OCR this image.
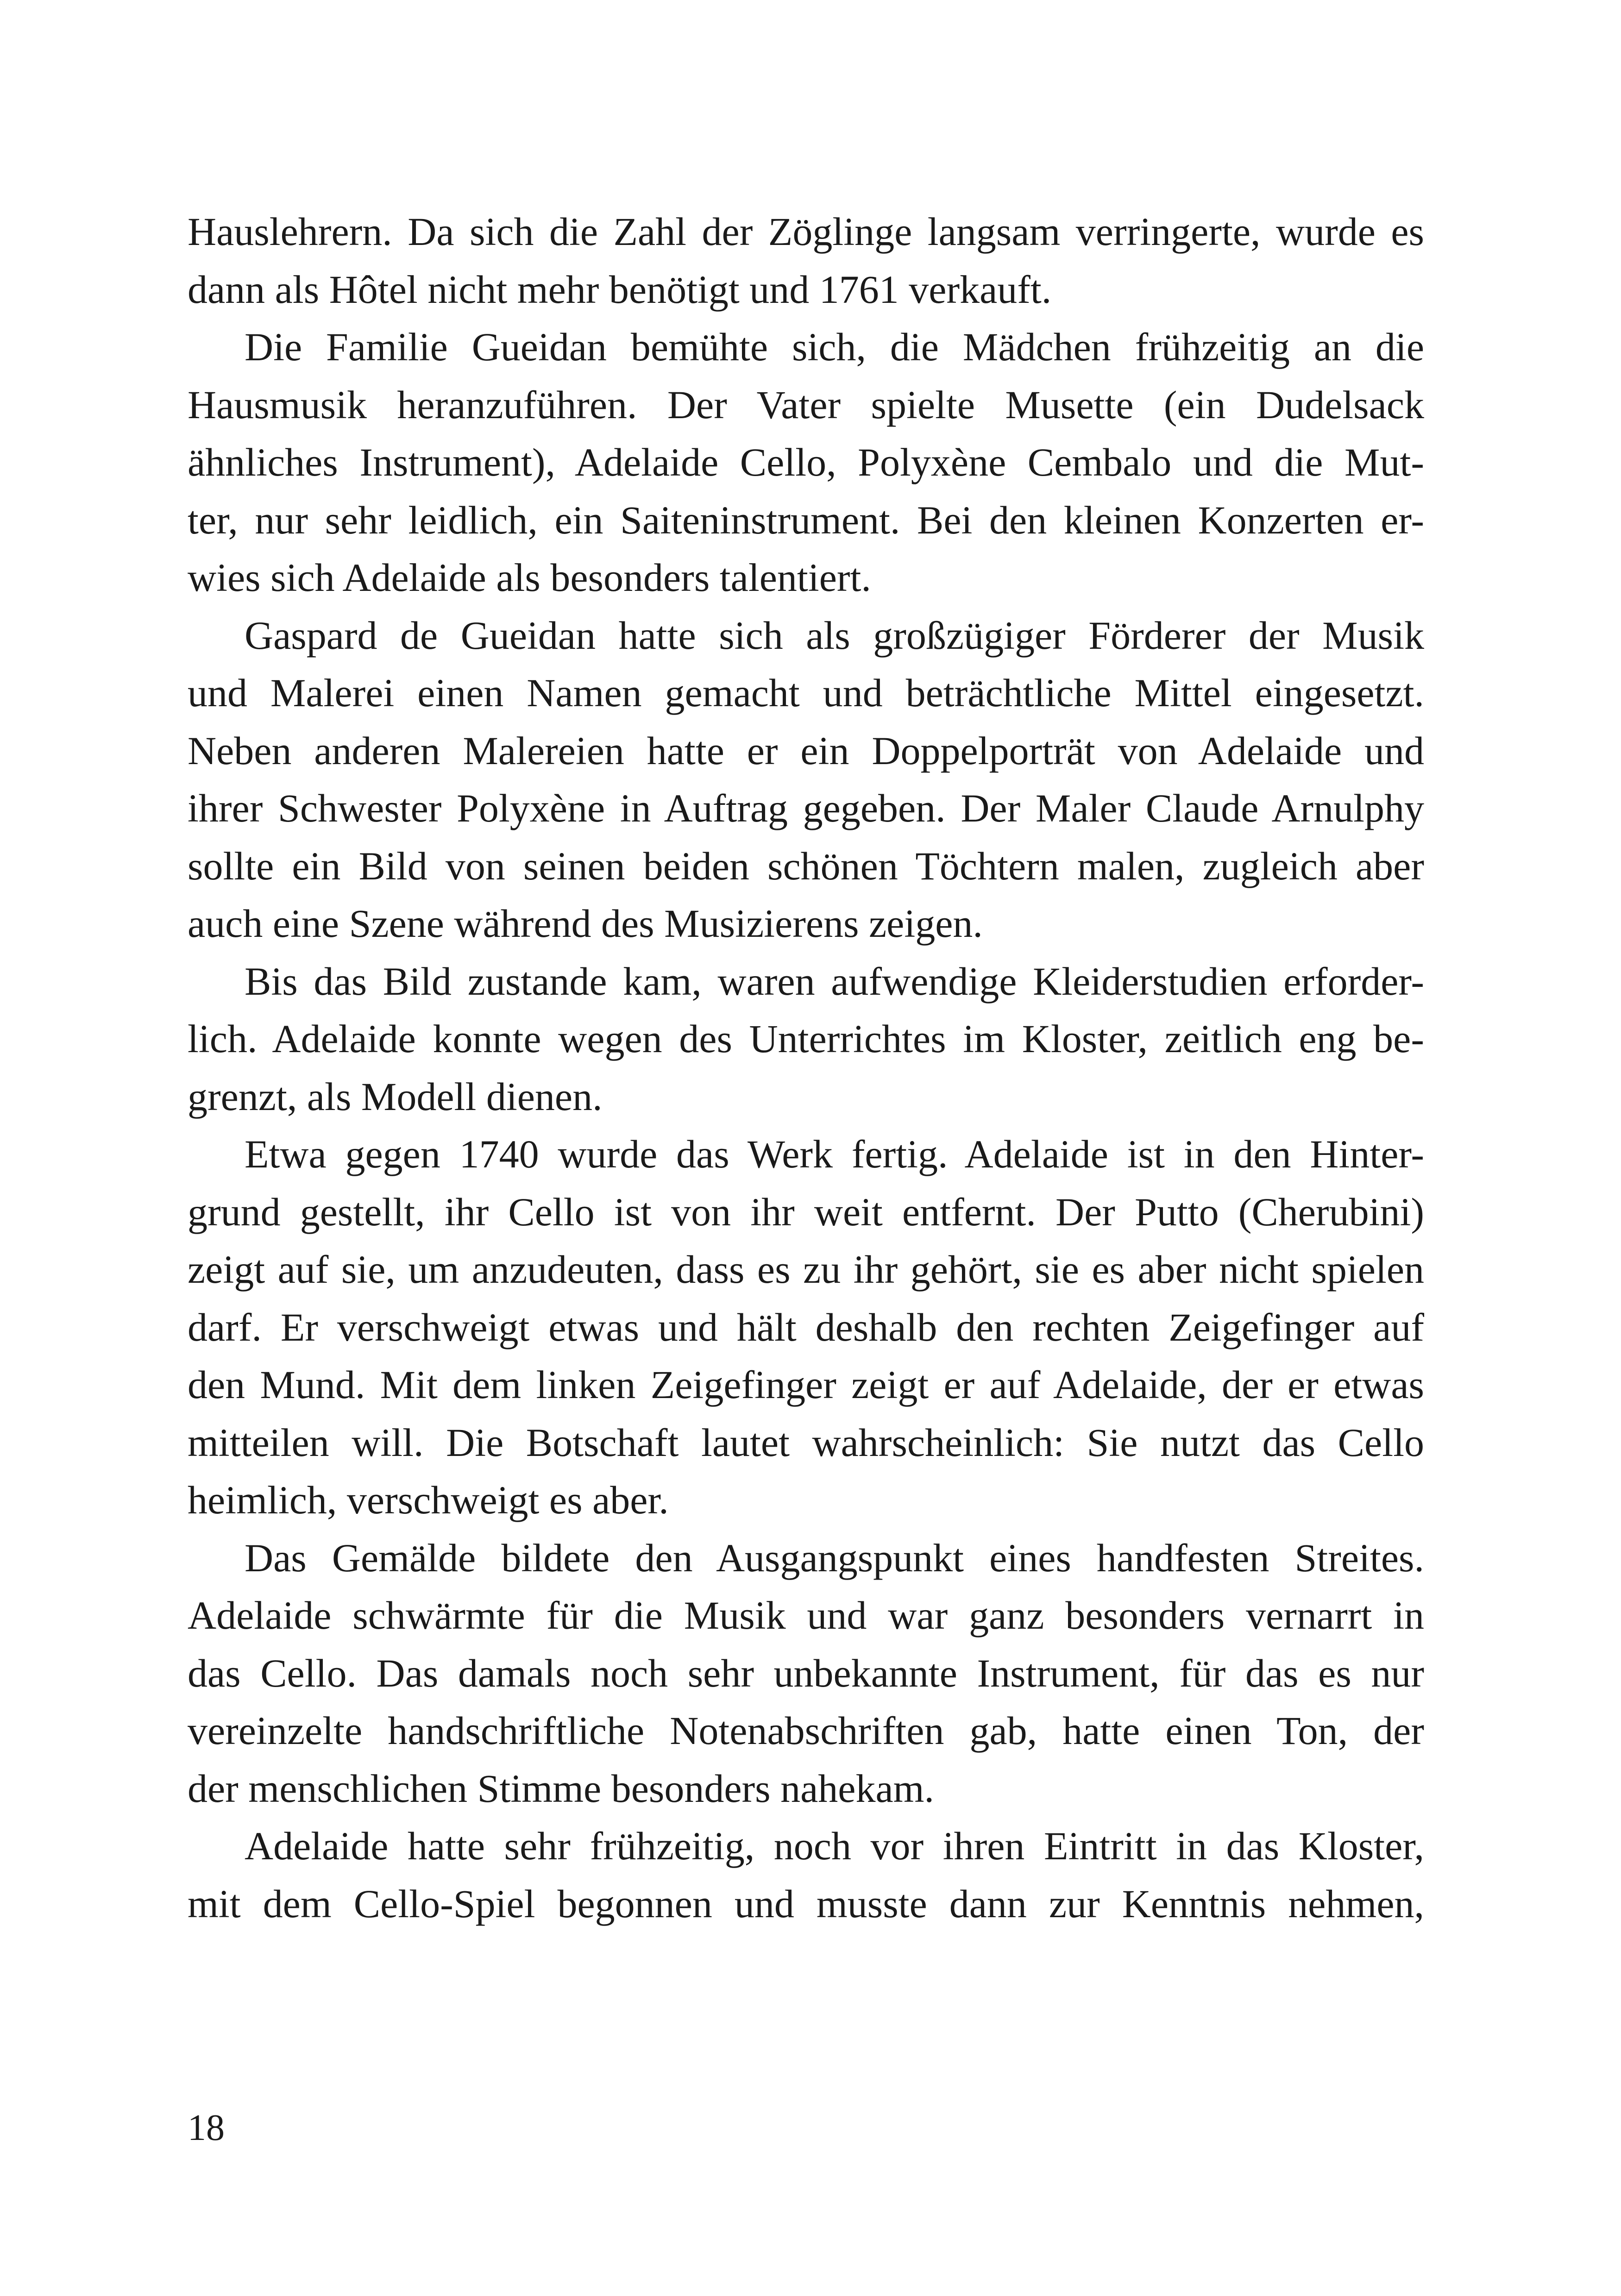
Hauslehrern. Da sich die Zahl der Zöglinge langsam verringerte, wurde es
dann als Hôtel nicht mehr benötigt und 1761 verkauft.
Die Familie Gueidan bemühte sich, die Mädchen frühzeitig an die
Hausmusik heranzuführen. Der Vater spielte Musette (ein Dudelsack
ähnliches Instrument), Adelaide Cello, Polyxène Cembalo und die Mut-
ter, nur sehr leidlich, ein Saiteninstrument. Bei den kleinen Konzerten er-
wies sich Adelaide als besonders talentiert.
Gaspard de Gueidan hatte sich als großzügiger Förderer der Musik
und Malerei einen Namen gemacht und beträchtliche Mittel eingesetzt.
Neben anderen Malereien hatte er ein Doppelporträt von Adelaide und
ihrer Schwester Polyxène in Auftrag gegeben. Der Maler Claude Arnulphy
sollte ein Bild von seinen beiden schönen Töchtern malen, zugleich aber
auch eine Szene während des Musizierens zeigen.
Bis das Bild zustande kam, waren aufwendige Kleiderstudien erforder-
lich. Adelaide konnte wegen des Unterrichtes im Kloster, zeitlich eng be-
grenzt, als Modell dienen.
Etwa gegen 1740 wurde das Werk fertig. Adelaide ist in den Hinter-
grund gestellt, ihr Cello ist von ihr weit entfernt. Der Putto (Cherubini)
zeigt auf sie, um anzudeuten, dass es zu ihr gehört, sie es aber nicht spielen
darf. Er verschweigt etwas und hält deshalb den rechten Zeigefinger auf
den Mund. Mit dem linken Zeigefinger zeigt er auf Adelaide, der er etwas
mitteilen will. Die Botschaft lautet wahrscheinlich: Sie nutzt das Cello
heimlich, verschweigt es aber.
Das Gemälde bildete den Ausgangspunkt eines handfesten Streites.
Adelaide schwärmte für die Musik und war ganz besonders vernarrt in
das Cello. Das damals noch sehr unbekannte Instrument, für das es nur
vereinzelte handschriftliche Notenabschriften gab, hatte einen Ton, der
der menschlichen Stimme besonders nahekam.
Adelaide hatte sehr frühzeitig, noch vor ihren Eintritt in das Kloster,
mit dem Cello-Spiel begonnen und musste dann zur Kenntnis nehmen,
18
